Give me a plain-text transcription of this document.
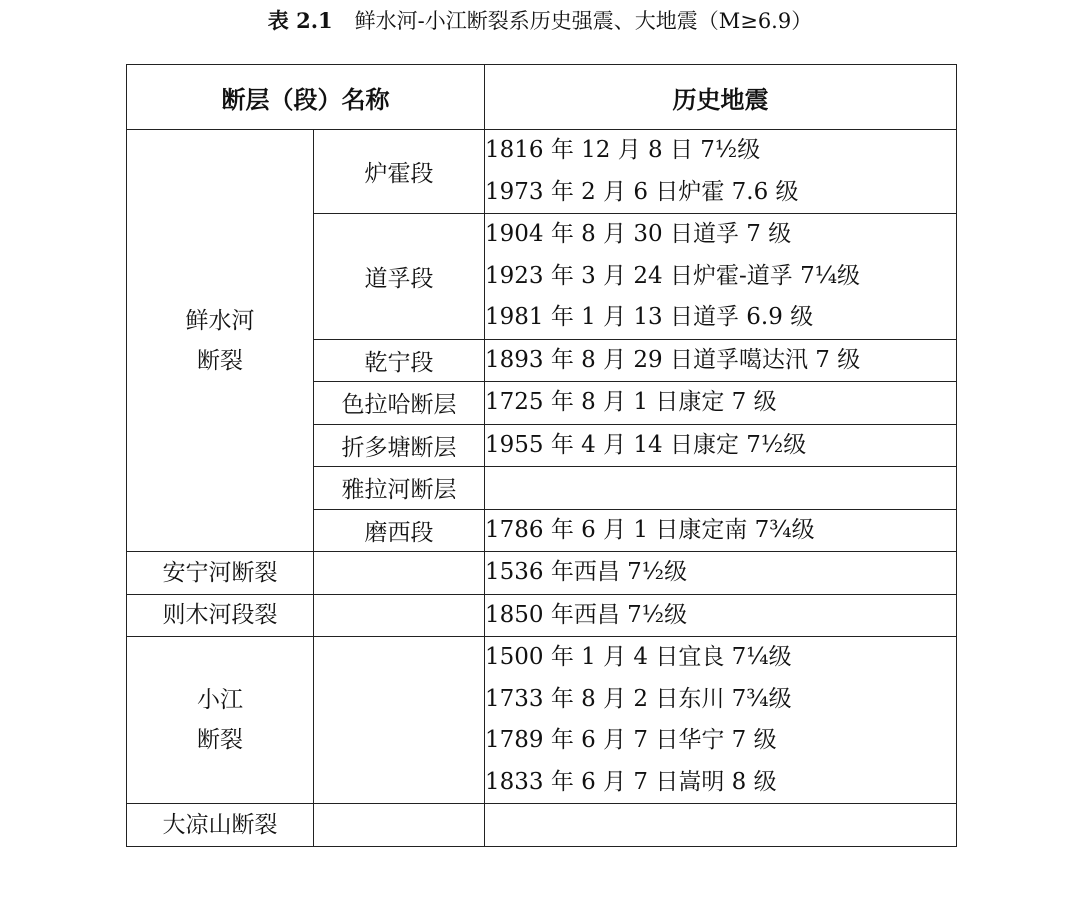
表 2.1 鲜水河-小江断裂系历史强震、大地震（M≥6.9）
断层（段）名称		历史地震

鲜水河
断裂	炉霍段	1816 年 12 月 8 日 7½级
1973 年 2 月 6 日炉霍 7.6 级

	道孚段	1904 年 8 月 30 日道孚 7 级
1923 年 3 月 24 日炉霍-道孚 7¼级
1981 年 1 月 13 日道孚 6.9 级

	乾宁段	1893 年 8 月 29 日道孚噶达汛 7 级

	色拉哈断层	1725 年 8 月 1 日康定 7 级

	折多塘断层	1955 年 4 月 14 日康定 7½级

	雅拉河断层	

	磨西段	1786 年 6 月 1 日康定南 7¾级

安宁河断裂		1536 年西昌 7½级

则木河段裂		1850 年西昌 7½级

小江
断裂		1500 年 1 月 4 日宜良 7¼级
1733 年 8 月 2 日东川 7¾级
1789 年 6 月 7 日华宁 7 级
1833 年 6 月 7 日嵩明 8 级

大凉山断裂		
